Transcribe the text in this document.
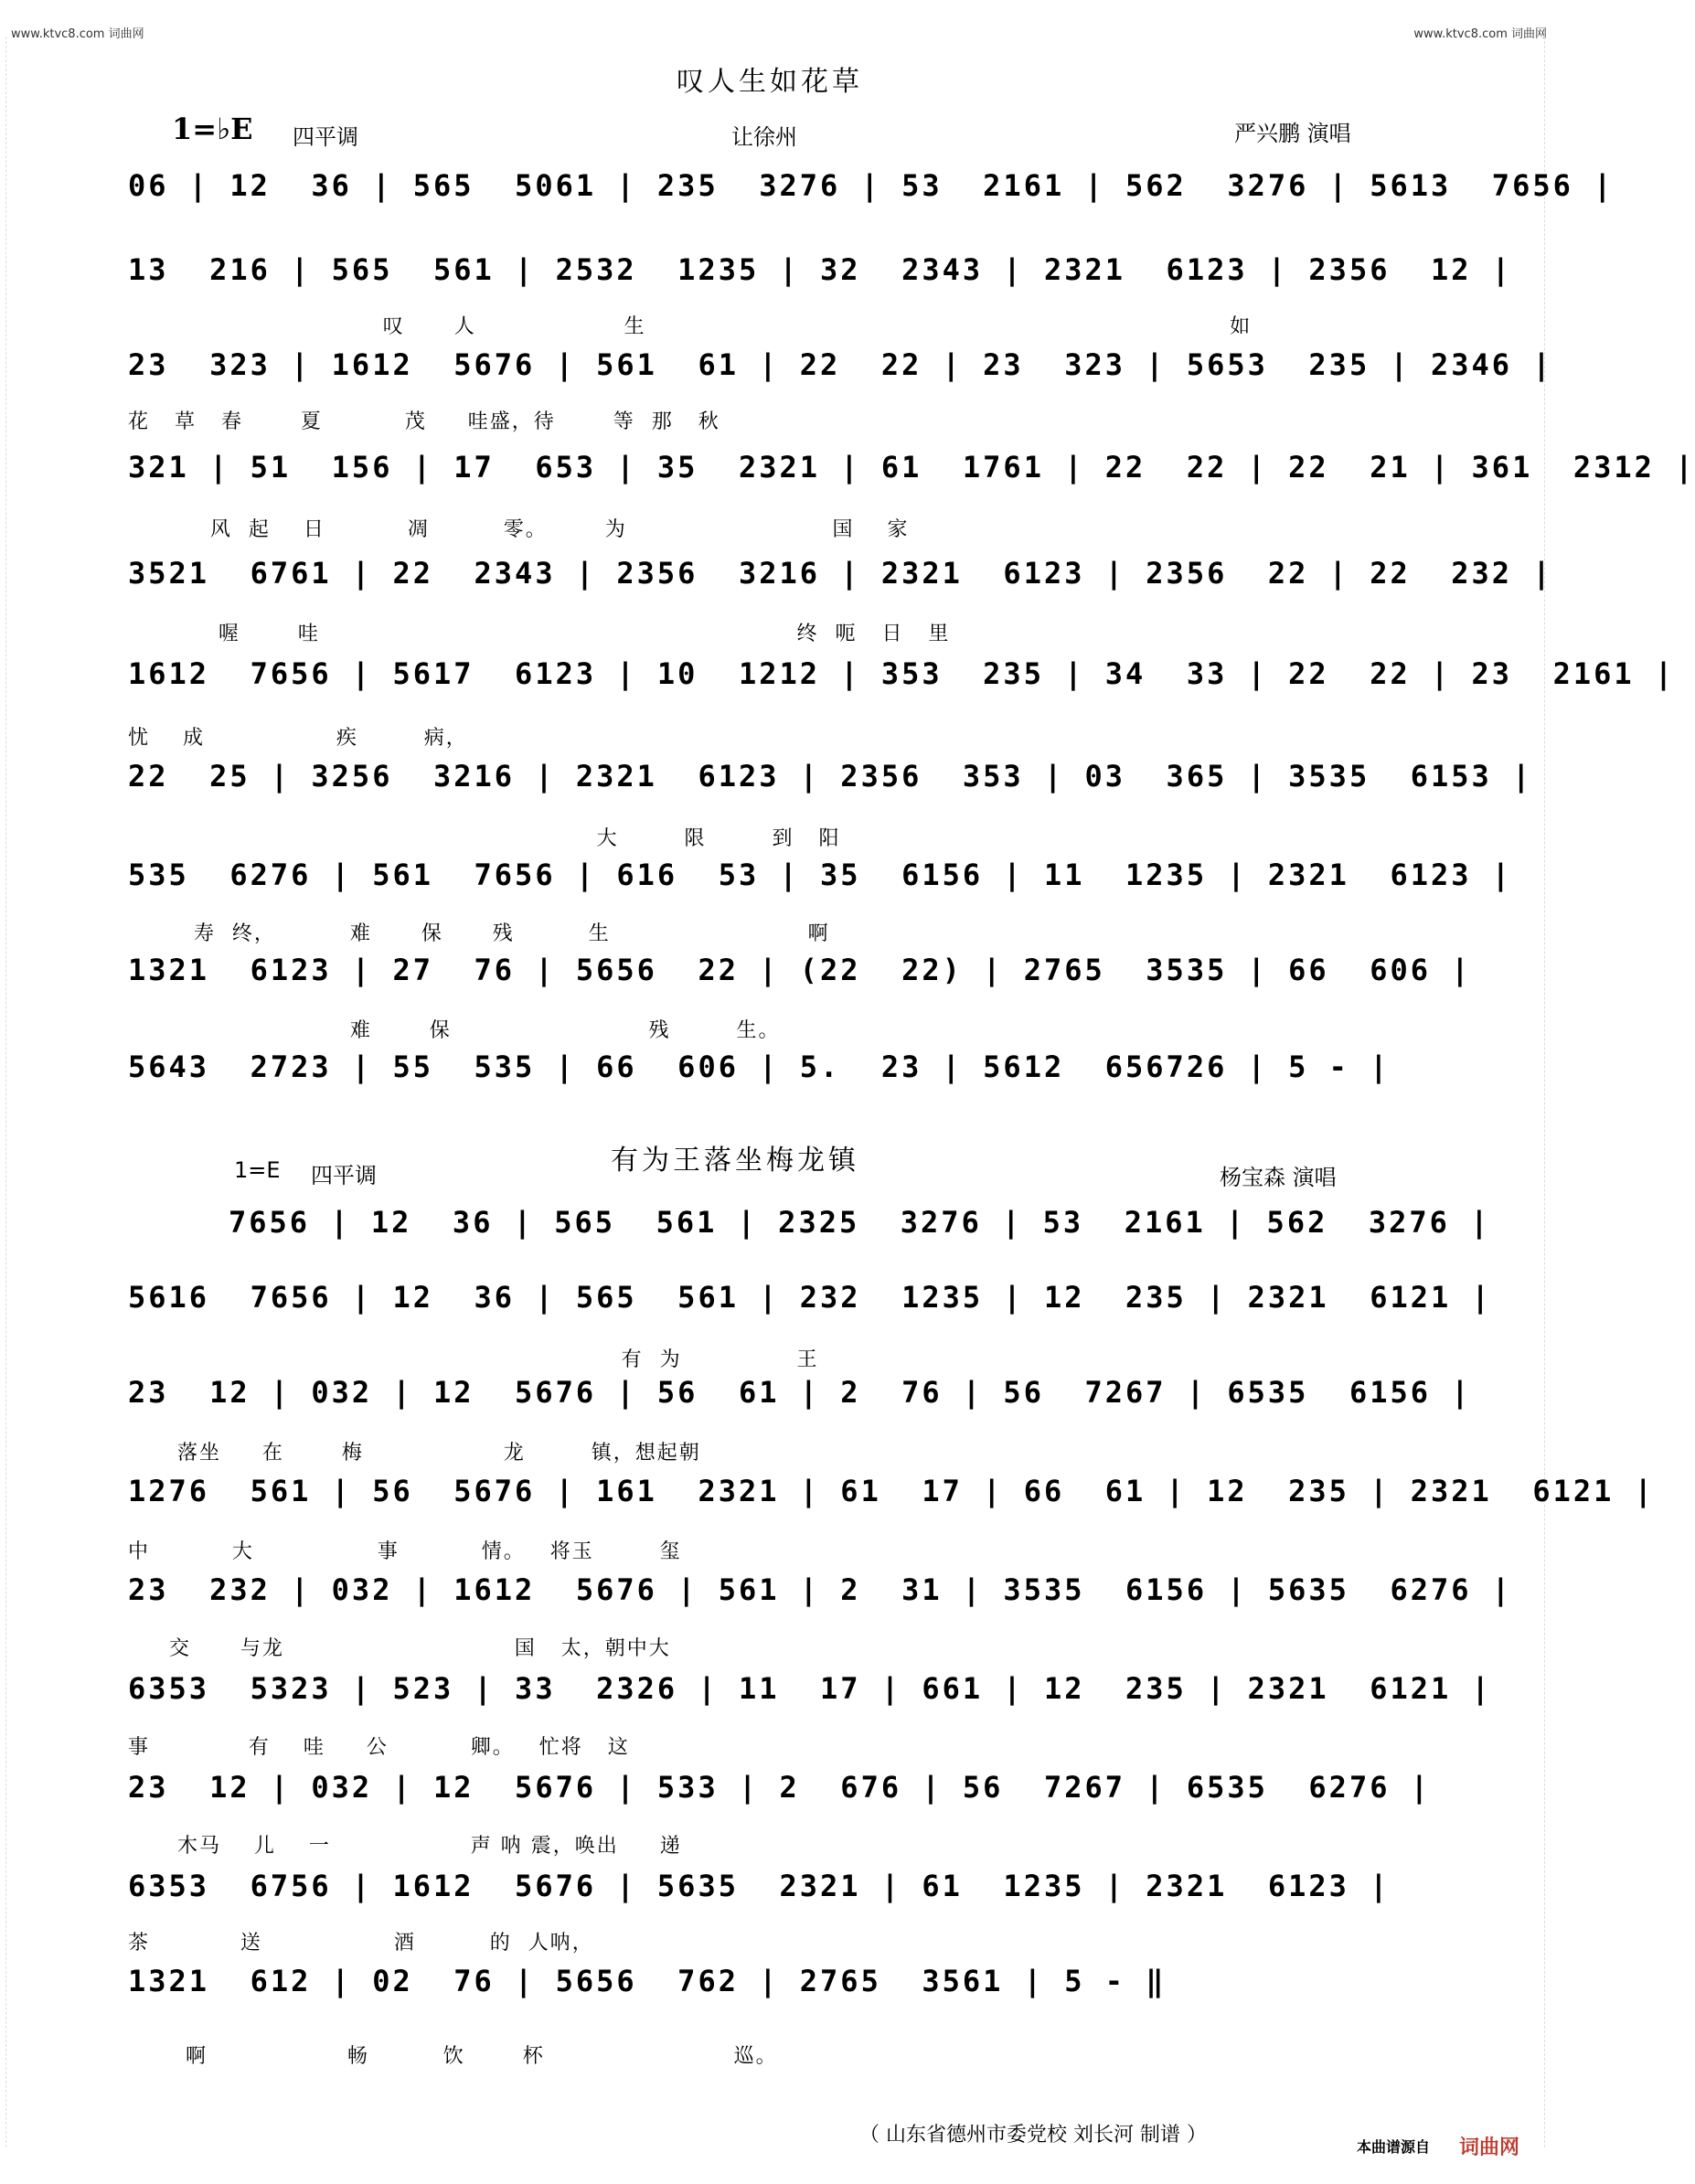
www.ktvc8.com 词曲网	www.ktvc8.com 词曲网
叹人生如花草
1=♭E 四平调	让徐州	严兴鹏 演唱
06 | 12  36 | 565  5061 | 235  3276 | 53  2161 | 562  3276 | 5613  7656 |
13  216 | 565  561 | 2532  1235 | 32  2343 | 2321  6123 | 2356  12 |
叹      人                  生                                                                       如
23  323 | 1612  5676 | 561  61 | 22  22 | 23  323 | 5653  235 | 2346 |
花   草   春       夏          茂     哇盛，待       等  那   秋
321 | 51  156 | 17  653 | 35  2321 | 61  1761 | 22  22 | 22  21 | 361  2312 |
风  起    日          凋         零。       为                         国    家
3521  6761 | 22  2343 | 2356  3216 | 2321  6123 | 2356  22 | 22  232 |
喔       哇                                                          终  呃   日   里
1612  7656 | 5617  6123 | 10  1212 | 353  235 | 34  33 | 22  22 | 23  2161 |
忧    成                疾        病，
22  25 | 3256  3216 | 2321  6123 | 2356  353 | 03  365 | 3535  6153 |
大        限        到   阳
535  6276 | 561  7656 | 616  53 | 35  6156 | 11  1235 | 2321  6123 |
寿  终，         难      保      残         生                        啊
1321  6123 | 27  76 | 5656  22 | (22  22) | 2765  3535 | 66  606 |
难       保                        残        生。
5643  2723 | 55  535 | 66  606 | 5.  23 | 5612  656726 | 5 - |
有为王落坐梅龙镇
1=E 四平调	杨宝森 演唱
7656 | 12  36 | 565  561 | 2325  3276 | 53  2161 | 562  3276 |
5616  7656 | 12  36 | 565  561 | 232  1235 | 12  235 | 2321  6121 |
有  为              王
23  12 | 032 | 12  5676 | 56  61 | 2  76 | 56  7267 | 6535  6156 |
落坐     在       梅                 龙        镇，想起朝
1276  561 | 56  5676 | 161  2321 | 61  17 | 66  61 | 12  235 | 2321  6121 |
中          大               事          情。   将玉        玺
23  232 | 032 | 1612  5676 | 561 | 2  31 | 3535  6156 | 5635  6276 |
交      与龙                            国   太，朝中大
6353  5323 | 523 | 33  2326 | 11  17 | 661 | 12  235 | 2321  6121 |
事            有    哇     公          卿。   忙将   这
23  12 | 032 | 12  5676 | 533 | 2  676 | 56  7267 | 6535  6276 |
木马    儿    一                 声 呐 震，唤出     递
6353  6756 | 1612  5676 | 5635  2321 | 61  1235 | 2321  6123 |
茶           送                酒         的  人呐，
1321  612 | 02  76 | 5656  762 | 2765  3561 | 5 - ‖
啊                 畅         饮       杯                       巡。
（ 山东省德州市委党校 刘长河 制谱 ）
本曲谱源自 词曲网
